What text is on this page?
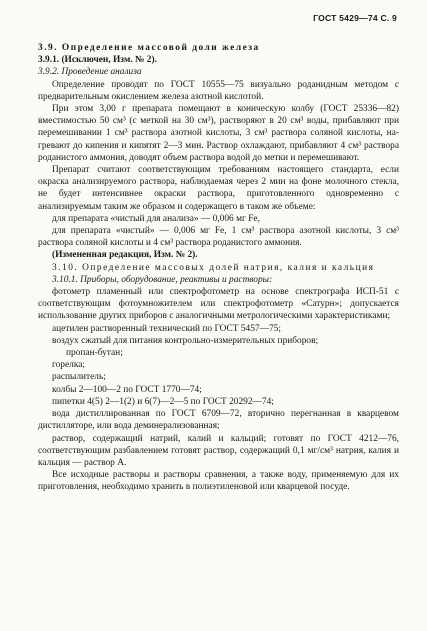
ГОСТ 5429—74 С. 9

3.9. Определение массовой доли железа

3.9.1. (Исключен, Изм. № 2).

3.9.2. Проведение анализа

Определение проводят по ГОСТ 10555—75 визуально роданидным методом с предварительным окислением железа азотной кислотой.

При этом 3,00 г препарата помещают в коническую колбу (ГОСТ 25336—82) вместимостью 50 см³ (с меткой на 30 см³), растворяют в 20 см³ воды, прибавляют при перемешивании 1 см³ раствора азотной кислоты, 3 см³ раствора соляной кислоты, нагревают до кипения и кипятят 2—3 мин. Раствор охлаждают, прибавляют 4 см³ раствора роданистого аммония, доводят объем раствора водой до метки и перемешивают.

Препарат считают соответствующим требованиям настоящего стандарта, если окраска анализируемого раствора, наблюдаемая через 2 мин на фоне молочного стекла, не будет интенсивнее окраски раствора, приготовленного одновременно с анализируемым таким же образом и содержащего в таком же объеме:

для препарата «чистый для анализа» — 0,006 мг Fe,

для препарата «чистый» — 0,006 мг Fe, 1 см³ раствора азотной кислоты, 3 см³ раствора соляной кислоты и 4 см³ раствора роданистого аммония.

(Измененная редакция, Изм. № 2).

3.10. Определение массовых долей натрия, калия и кальция

3.10.1. Приборы, оборудование, реактивы и растворы:

фотометр пламенный или спектрофотометр на основе спектрографа ИСП-51 с соответствующим фотоумножителем или спектрофотометр «Сатурн»; допускается использование других приборов с аналогичными метрологическими характеристиками;

ацетилен растворенный технический по ГОСТ 5457—75;

воздух сжатый для питания контрольно-измерительных приборов;

пропан-бутан;

горелка;

распылитель;

колбы 2—100—2 по ГОСТ 1770—74;

пипетки 4(5) 2—1(2) и 6(7)—2—5 по ГОСТ 20292—74;

вода дистиллированная по ГОСТ 6709—72, вторично перегнанная в кварцевом дистилляторе, или вода деминерализованная;

раствор, содержащий натрий, калий и кальций; готовят по ГОСТ 4212—76, соответствующим разбавлением готовят раствор, содержащий 0,1 мг/см³ натрия, калия и кальция — раствор А.

Все исходные растворы и растворы сравнения, а также воду, применяемую для их приготовления, необходимо хранить в полиэтиленовой или кварцевой посуде.
